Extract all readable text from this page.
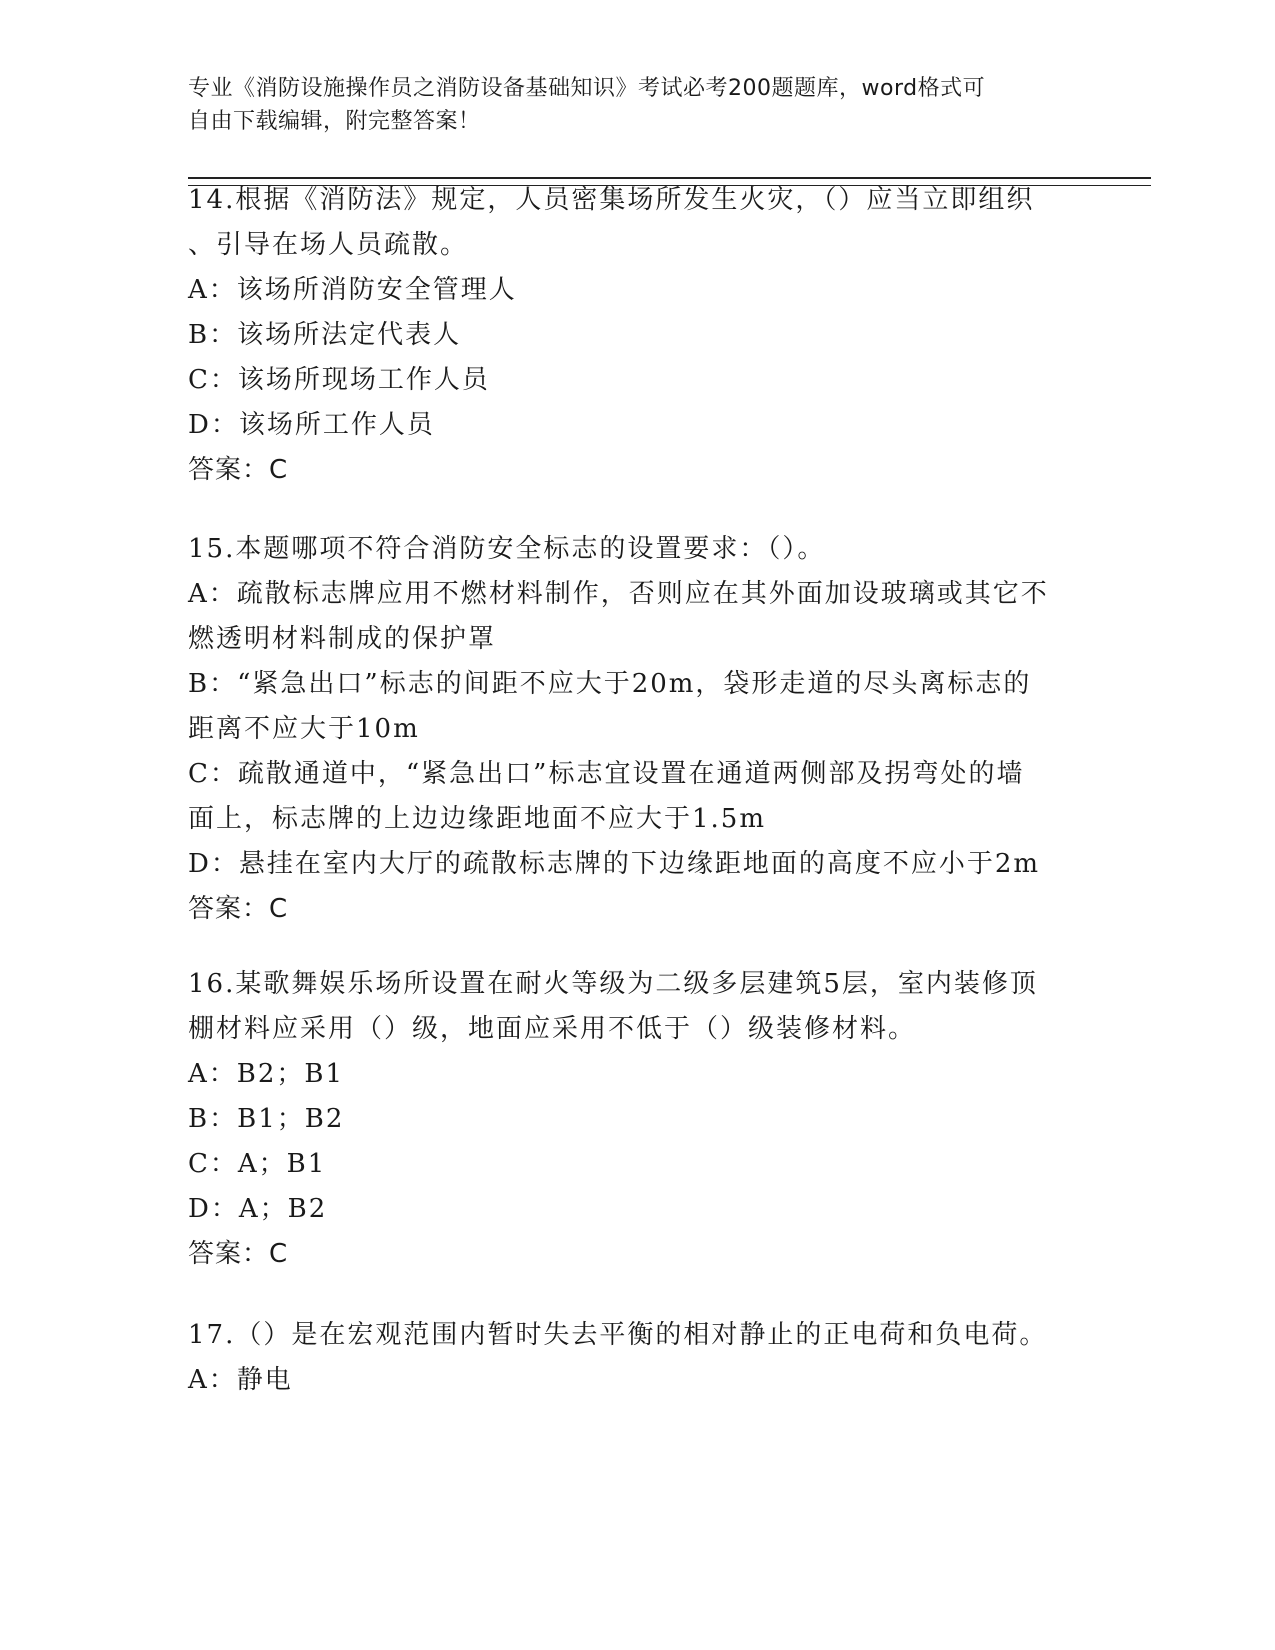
专业《消防设施操作员之消防设备基础知识》考试必考200题题库，word格式可
自由下载编辑，附完整答案！
14.根据《消防法》规定，人员密集场所发生火灾，（）应当立即组织
、引导在场人员疏散。
A：该场所消防安全管理人
B：该场所法定代表人
C：该场所现场工作人员
D：该场所工作人员
答案：C
15.本题哪项不符合消防安全标志的设置要求：（）。
A：疏散标志牌应用不燃材料制作，否则应在其外面加设玻璃或其它不
燃透明材料制成的保护罩
B：“紧急出口”标志的间距不应大于20m，袋形走道的尽头离标志的
距离不应大于10m
C：疏散通道中，“紧急出口”标志宜设置在通道两侧部及拐弯处的墙
面上，标志牌的上边边缘距地面不应大于1.5m
D：悬挂在室内大厅的疏散标志牌的下边缘距地面的高度不应小于2m
答案：C
16.某歌舞娱乐场所设置在耐火等级为二级多层建筑5层，室内装修顶
棚材料应采用（）级，地面应采用不低于（）级装修材料。
A：B2；B1
B：B1；B2
C：A；B1
D：A；B2
答案：C
17.（）是在宏观范围内暂时失去平衡的相对静止的正电荷和负电荷。
A：静电
